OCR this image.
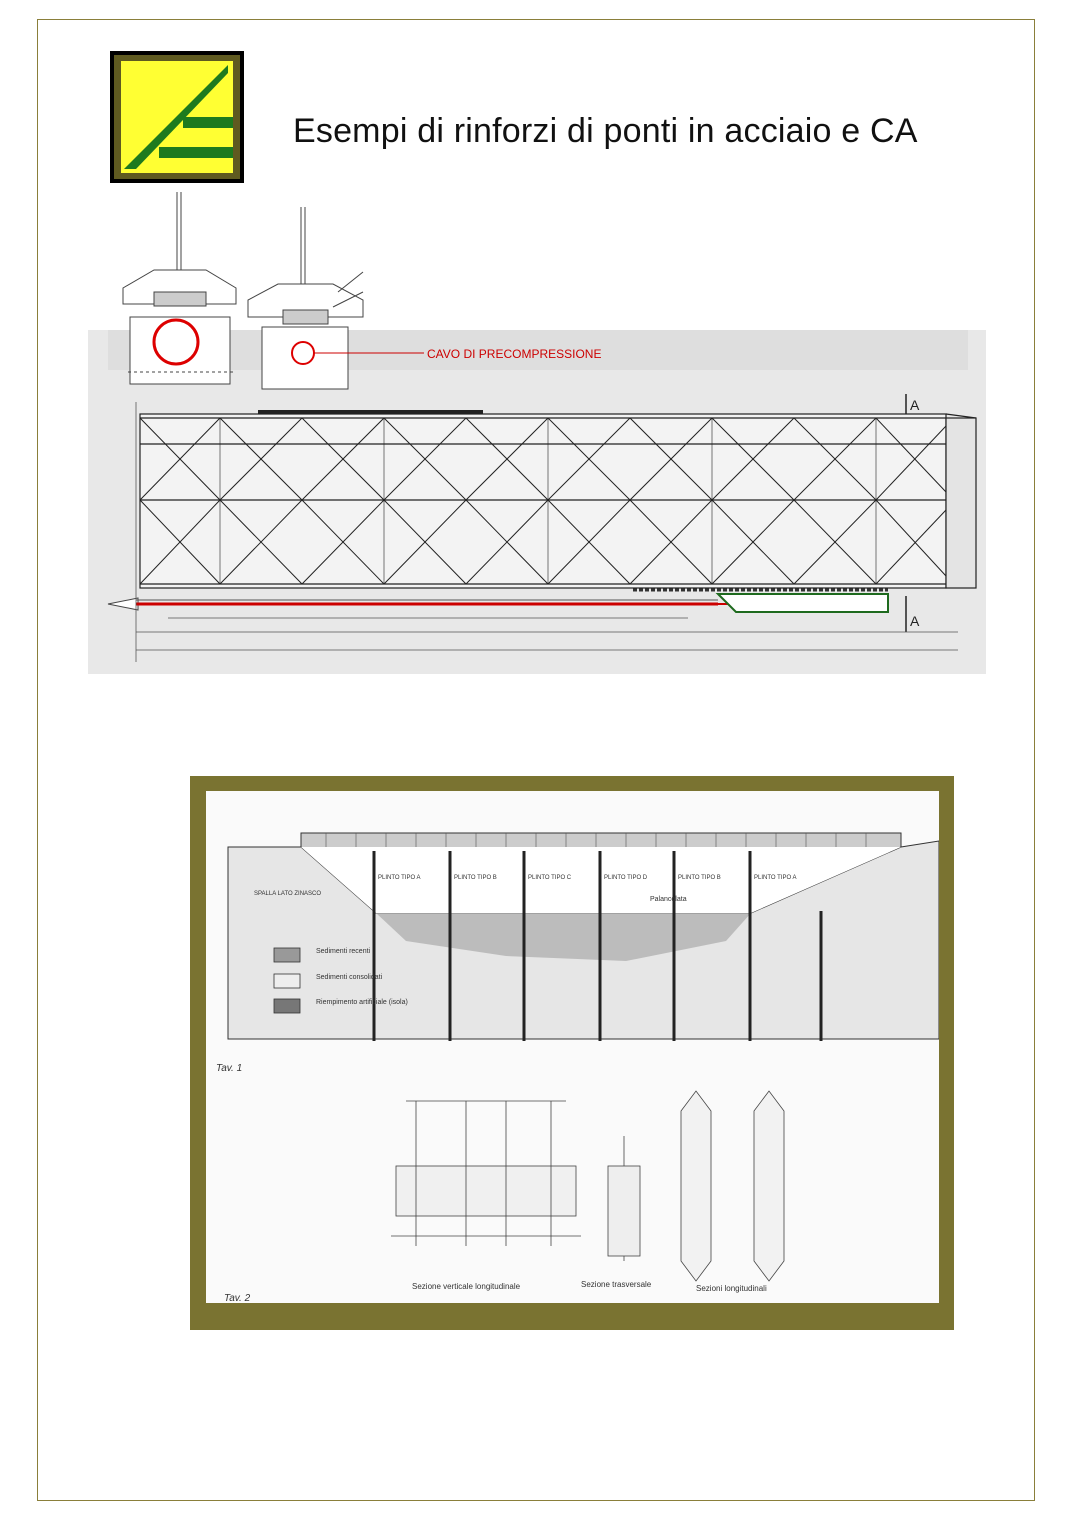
Esempi di rinforzi di ponti in acciaio e CA
A
A
CAVO DI PRECOMPRESSIONE
SPALLA LATO ZINASCO
PLINTO TIPO A	PLINTO TIPO B	PLINTO TIPO C	PLINTO TIPO D	PLINTO TIPO B	PLINTO TIPO A
Palancolata
Sedimenti recenti
Sedimenti consolidati
Riempimento artificiale (isola)
Tav. 1
Sezione verticale longitudinale	Sezione trasversale	Sezioni longitudinali
Tav. 2
